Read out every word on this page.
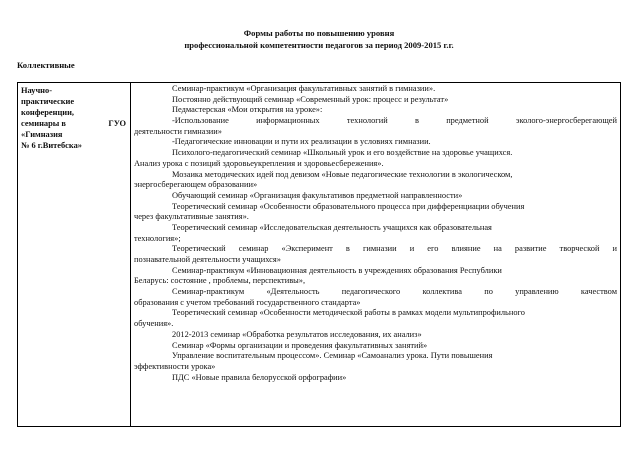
Формы работы по повышению уровня
профессиональной компетентности педагогов за период 2009-2015 г.г.
Коллективные
Научно-
практические
конференции,
семинары в	ГУО
«Гимназия
№ 6 г.Витебска»
Семинар-практикум «Организация факультативных занятий в гимназии».
Постоянно действующий семинар «Современный урок: процесс и результат»
Педмастерская «Мои открытия на уроке»:
-Использование информационных технологий в предметной эколого-энергосберегающей
деятельности гимназии»
-Педагогические инновации и пути их реализации в условиях гимназии.
Психолого-педагогический семинар «Школьный урок и его воздействие на здоровье учащихся.
Анализ урока с позиций здоровьеукрепления и здоровьесбережения».
Мозаика методических идей под девизом «Новые педагогические технологии в экологическом,
энергосберегающем образовании»
Обучающий семинар «Организация факультативов предметной направленности»
Теоретический семинар «Особенности образовательного процесса при дифференциации обучения
через факультативные занятия».
Теоретический семинар «Исследовательская деятельность учащихся как образовательная
технология»;
Теоретический семинар «Эксперимент в гимназии и его влияние на развитие творческой и
познавательной деятельности учащихся»
Семинар-практикум «Инновационная деятельность в учреждениях образования Республики
Беларусь: состояние , проблемы, перспективы»,
Семинар-практикум «Деятельность педагогического коллектива по управлению качеством
образования с учетом требований государственного стандарта»
Теоретический семинар «Особенности методической работы в рамках модели мультипрофильного
обучения».
2012-2013 семинар «Обработка результатов исследования, их анализ»
Семинар «Формы организации и проведения факультативных занятий»
Управление воспитательным процессом». Семинар «Самоанализ урока. Пути повышения
эффективности урока»
ПДС «Новые правила белорусской орфографии»
